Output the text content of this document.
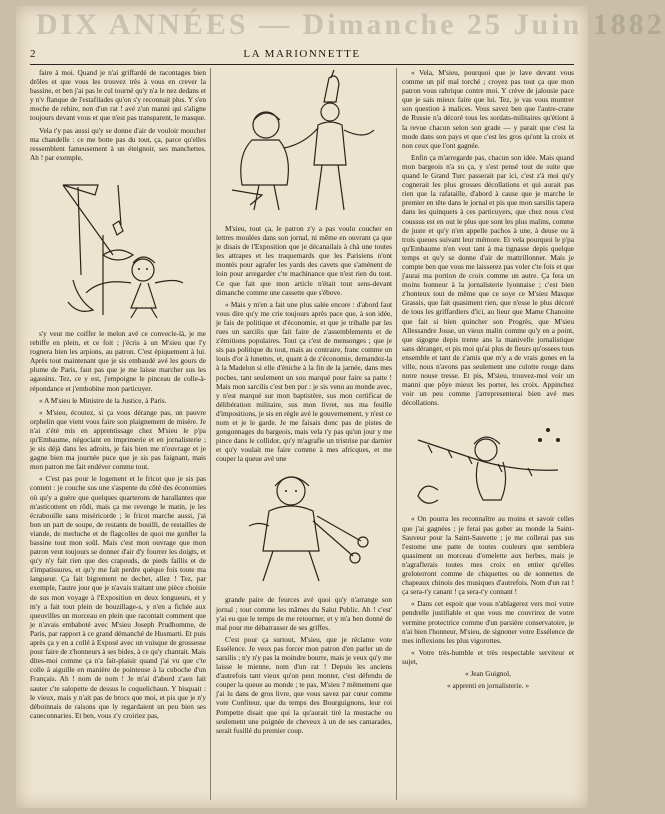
DIX ANNÉES — Dimanche 25 Juin 1882
2	LA MARIONNETTE

faire à moi. Quand je n'ai griffardé de racontages bien drôles et que vous les trouvez très à vous en crever la bassine, et ben j'ai pas le cul tourné qu'y n'a le nez dedans et y n'v flanque de l'estafilades qu'on s'y reconnait plus. Y s'en moche de rehire, non d'un rat ! avé z'un manni qui s'aligne toujours devant vous et que n'est pas transparent, le masque.

Vela t'y pas aussi qu'y se donne d'air de vouloir moucher ma chandelle : ce me botte pas du tout, ça, parce qu'elles ressemblent fameusement à un éteignoir, ses manchettes. Ah ! par exemple,

s'y veut me coiffer le melon avé ce convecle-là, je me rebiffe en plein, et ce foit ; j'écris à un M'sieu que l'y rognera bien les arpions, au patron. C'est épiquement à lui. Après tout maintenant que je sis embaudé avé les gours de plume de Paris, faut pas que je me laisse marcher sus les agassins. Tez, ce y est, j'empoigne le pinceau de colle-à-répondance et j'embobine mon particuyer.

« A M'sieu le Ministre de la Justice, à Paris.

« M'sieu, écoutez, si ça vous dérange pas, un pauvre orphelin que vient vous faire son plaignement de misère. Je n'ai z'été mis en apprentissage chez M'sieu le p'pa qu'Embaume, négociant en imprimerie et en jornalisterie ; je sis déjà dans les adroits, je fais bien me n'ouvrage et je gagne bien ma journée puce que je sis pas faignant, mais mon patron me fait endéver comme tout.

« C'est pas pour le logement et le fricot que je sis pas content : je couche sus une s'aspente du côté des économies où qu'y a guère que quelques quarterons de harallantes que m'asticottent en rôdi, mais ça me revenge le matin, je les écrabouille sans miséricorde ; le fricot marche aussi, j'ai bon un part de soupe, de restants de bouilli, de restailles de viande, de merluche et de flagcolles de quoi me gonfler la bassine tout mon soûl. Mais c'est mon ouvrage que mon patron veut toujours se donner d'air d'y fourrer les doigts, et qu'y n'y fait rien que des crapouds, de pieds faillis et de z'impatissures, et qu'y me fait perdre quèque fois toute ma langueur. Ça fait bigrement ne dechet, allez ! Tez, par exemple, l'autre jour que je n'avais traitant une pièce choisie de sus mon voyage à l'Exposition en deux longueurs, et y m'y a fait tout plein de bouzillage-s, y n'en a fichée aux queuvilles un morceau en plein que racontait comment que je n'avais embaboté avec M'sieu Joseph Prudhomme, de Paris, par rapport à ce grand démanché de Husmarti. Et puis après ça y en a collé à Exposé avec un vuisque de grossesse pour faire de z'honneurs à ses bides, à ce qu'y chantait. Mais dites-moi comme ça n'a fait-plaisir quand j'ai vu que c'te colle à aiguille en manière de pointeuse à la cuboche d'un Français. Ah ! nom de nom ! Je m'ai d'abord z'aen fait sauter c'te salopette de dessus le coquelichaun. Y bisquait : le vieux, mais y n'ait pas de brocs que moi, et pis que je n'y déboinnais de raisons que ly regardaient un peu bien ses caneconnaries. Et ben, vous z'y croiriez pas,

M'sieu, tout ça, le patron z'y a pas voulu coucher en lettres moulées dans son jornal, ni même en ouvrant ça que je disais de l'Exposition que je décanailais à chà une toutes les attrapes et les traquemards que les Parisiens n'ont montés pour agrafer les yards des cavets que s'aménent de loin pour arregarder c'te machinance que n'est rien du tout. Ce que fait que mon article n'était tout sens-devant dimanche comme une cassette que s'ébove.

« Mais y m'en a fait une plus salée encore : d'abord faut vous dire qu'y me crie toujours après pace que, à son idée, je fais de politique et d'économie, et que je triballe par les rues un sarcilis que fait faire de z'assemblements et de z'émitions populaires. Tout ça c'est de mensonges ; que je sis pas politique du tout, mais au contraire, franc comme un louis d'or à lunettes, et, quant à de z'économie, demandez-la à la Madelon si elle d'éniche à la fin de la jarnée, dans mes poches, tant seulement un sou marqué pour faire sa patte ! Mais mon sarcilis c'est ben pur : je sis venu au monde avec, y n'est marqué sur mon baptistère, sus mon certificat de délibération militaire, sus mon livret, sus ma feuille d'impositions, je sis en règle avé le gouvernement, y n'est ce nom et je le garde. Je me faisais donc pas de pistes de gongonnages du bargeois, mais vela t'y pas qu'un jour y me pince dans le collidor, qu'y m'agrafie un tristrise par darnier et qu'y voulait me faire comme à mes africques, et me couper la queue avé une

grande paire de feurces avé quoi qu'y n'arrange son jornal ; tout comme les mâmes du Salut Public. Ah ! c'est' y'ai eu que le temps de me retourner, et y m'a ben donné de mal pour me débarrasser de ses griffes.

C'est pour ça surtout, M'sieu, que je réclame vote Essélence. Je veux pas forcer mon patron d'en parler un de sarsilis ; n'y n'y pas la moindre bourre, mais je veux qu'y me laisse le mienne, nom d'un rat ! Depuis les anciens d'autrefois tant vieux qu'on peut monter, c'est défendu de couper la queue au monde ; te pas, M'sieu ? mêmement que j'ai lu dans de gros livre, que vous savez par cœur comme vote Confiteur, que du temps des Bourguignons, leur roi Pompette disait que qui la qu'aurait tiré la mustache ou seulement une poignée de cheveux à un de ses camarades, serait fusillé du premier coup.

« Vela, M'sieu, pourquoi que je lave devant vous comme un pif mal torché ; croyez pas tout ça que mon patron vous rabrique contre moi. Y crève de jalousie pace que je sais mieux faire que lui. Tez, je vas vous montrer son question à malices. Vous savez ben que l'autre-crane de Russie n'a décoré tous les sordats-militaires qu'étiont à la revue chacun selon son grade — y parait que c'est la mode dans son pays et que c'est les gros qu'ont la croix et non ceux que l'ont gagnée.

Enfin ça m'arregarde pas, chacun son idée. Mais quand mon bargeois n'a su ça, y s'est pensé tout de suite que quand le Grand Turc passerait par ici, c'est z'à moi qu'y cognerait les plus grosses décollations et qui aurait pas rien que la rafataille, d'abord à cause que je marche le premier en tête dans le jornal et pis que mon sarsilis tapera dans les quinquets à ces particuyers, que chez nous c'est coussus est en out le plus que sont les plus malins, comme de juste et qu'y n'en appelle pachos à une, à deuse ou à trois queues suivant leur mémore. Et vela pourquoi le p'pa qu'Embaume n'en veut tant à ma tignasse depis quelque temps et qu'y se donne d'air de mattrillonner. Mais je compte ben que vous me laisserez pas voler c'te fois et que j'aurai ma portion de croix comme un autre. Ça fera un moins honneur à la jornalisterie lyonnaise ; c'est bien z'honteux tout de même que ce soye ce M'sieu Masque Grassis, que fait quasiment rien, que n'esse le plus décoré de tous les griffardiers d'ici, au lieur que Mame Chanoine que fait si bien quincher son Progrès, que M'sieu Allessandre Josse, un vieux malin comme qu'y en a point, que sigogne depis trente ans la manivelle jornalistique sans déranger, et pis moi qu'ai plus de fieurs qu'ossees tous ensemble et tant de z'amis que m'y a de vrais gones en la ville, nous n'avons pas seulement une culotte rouge dans notre nouse tresse. Et pis, M'sieu, trouvez-moi voir un manni que pôye mieux les porter, les croix. Appinchez voir un peu comme j'arrepresenterai bien avé mes décollations.

« On pourra les reconnaître au moins et savoir celles que j'ai gagnées ; je ferai pas gober au monde la Saint-Sauveur pour la Saint-Sauvette ; je me collerai pas sus l'estome une patte de toutes couleurs que semblera quasiment un morceau d'omelette aux herbes, mais je n'agraflerais toutes mes croix en entier qu'elles greloterront comme de chiquettes ou de sonnettes de chapeaux chinois des musiques d'autrefois. Nom d'un rat ! ça sera-t'y canant ! ça sera-t'y connant !

« Dans cet espoir que vous n'ablagerez vers moi votre pendrelle justifiable et que vous me couvrirez de votre vermine protectrice comme d'un parsière conservatoire, je n'ai bien l'honneur, M'sieu, de signoner votre Essélence de mes inflexions les plus vigorottes.

« Votre très-humble et très respectable serviteur et sujet,

« Jean Guignol,

« apprenti en jornalisterie. »
